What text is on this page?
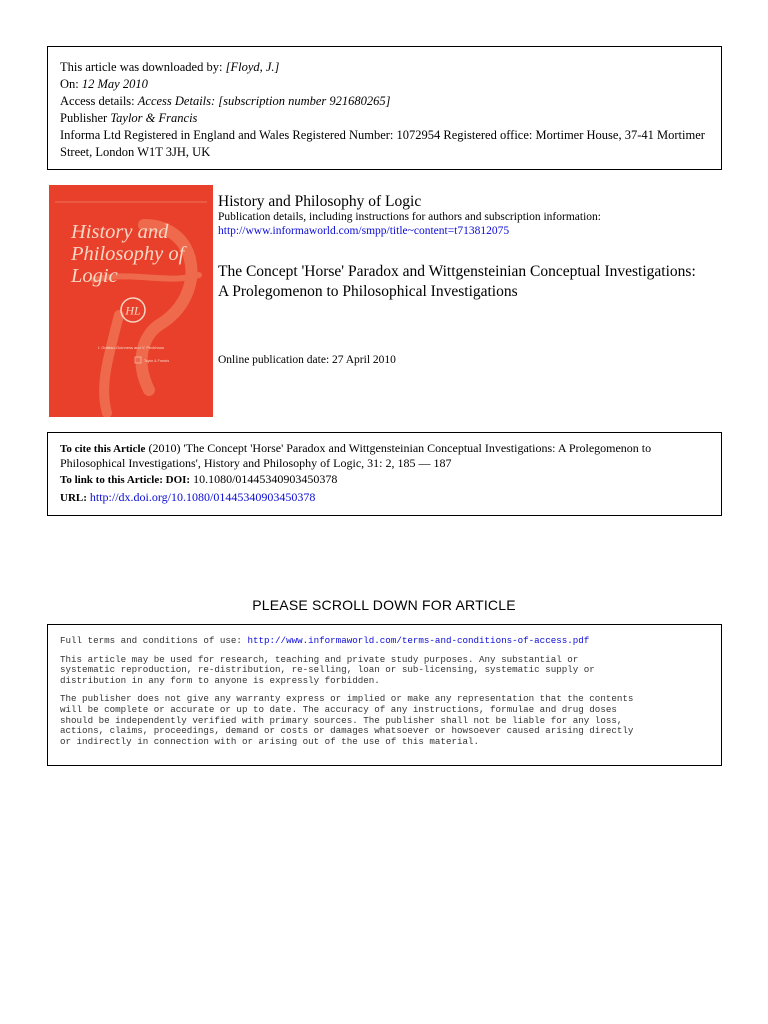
This article was downloaded by: [Floyd, J.]
On: 12 May 2010
Access details: Access Details: [subscription number 921680265]
Publisher Taylor & Francis
Informa Ltd Registered in England and Wales Registered Number: 1072954 Registered office: Mortimer House, 37-41 Mortimer Street, London W1T 3JH, UK
HL
Taylor & Francis
I. Grattan-Guinness and V. Peckhaus
History and Philosophy of Logic
History and Philosophy of Logic
Publication details, including instructions for authors and subscription information:
http://www.informaworld.com/smpp/title~content=t713812075
The Concept 'Horse' Paradox and Wittgensteinian Conceptual Investigations: A Prolegomenon to Philosophical Investigations
Online publication date: 27 April 2010
To cite this Article (2010) 'The Concept 'Horse' Paradox and Wittgensteinian Conceptual Investigations: A Prolegomenon to Philosophical Investigations', History and Philosophy of Logic, 31: 2, 185 — 187
To link to this Article: DOI: 10.1080/01445340903450378
URL: http://dx.doi.org/10.1080/01445340903450378
PLEASE SCROLL DOWN FOR ARTICLE

Full terms and conditions of use: http://www.informaworld.com/terms-and-conditions-of-access.pdf

This article may be used for research, teaching and private study purposes. Any substantial or
systematic reproduction, re-distribution, re-selling, loan or sub-licensing, systematic supply or
distribution in any form to anyone is expressly forbidden.

The publisher does not give any warranty express or implied or make any representation that the contents
will be complete or accurate or up to date. The accuracy of any instructions, formulae and drug doses
should be independently verified with primary sources. The publisher shall not be liable for any loss,
actions, claims, proceedings, demand or costs or damages whatsoever or howsoever caused arising directly
or indirectly in connection with or arising out of the use of this material.
